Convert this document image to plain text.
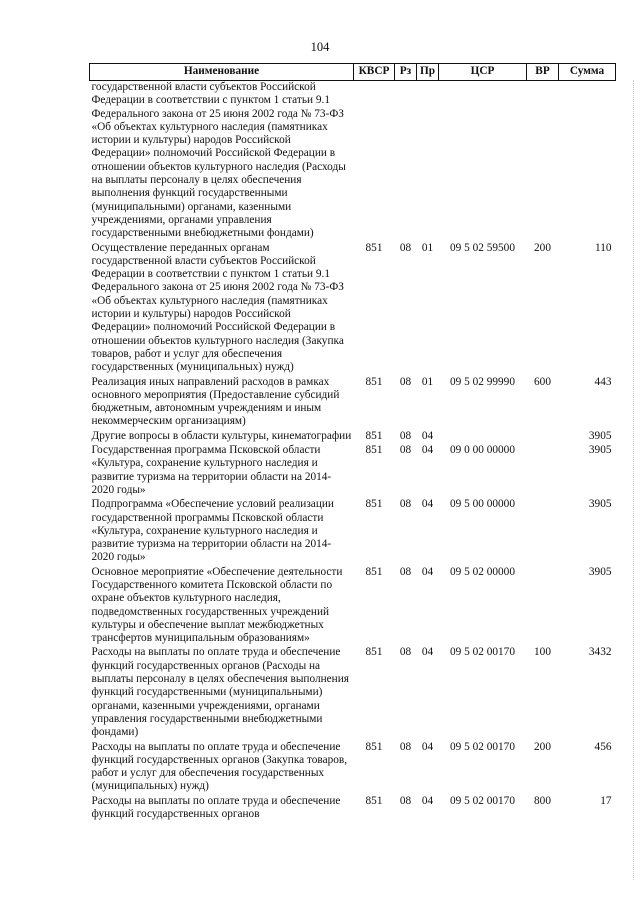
104
Наименование	КВСР	Рз	Пр	ЦСР	ВР	Сумма
государственной власти субъектов Российской Федерации в соответствии с пунктом 1 статьи 9.1 Федерального закона от 25 июня 2002 года № 73-ФЗ «Об объектах культурного наследия (памятниках истории и культуры) народов Российской Федерации» полномочий Российской Федерации в отношении объектов культурного наследия (Расходы на выплаты персоналу в целях обеспечения выполнения функций государственными (муниципальными) органами, казенными учреждениями, органами управления государственными внебюджетными фондами)						
Осуществление переданных органам государственной власти субъектов Российской Федерации в соответствии с пунктом 1 статьи 9.1 Федерального закона от 25 июня 2002 года № 73-ФЗ «Об объектах культурного наследия (памятниках истории и культуры) народов Российской Федерации» полномочий Российской Федерации в отношении объектов культурного наследия (Закупка товаров, работ и услуг для обеспечения государственных (муниципальных) нужд)	851	08	01	09 5 02 59500	200	110
Реализация иных направлений расходов в рамках основного мероприятия (Предоставление субсидий бюджетным, автономным учреждениям и иным некоммерческим организациям)	851	08	01	09 5 02 99990	600	443
Другие вопросы в области культуры, кинематографии	851	08	04			3905
Государственная программа Псковской области «Культура, сохранение культурного наследия и развитие туризма на территории области на 2014-2020 годы»	851	08	04	09 0 00 00000		3905
Подпрограмма «Обеспечение условий реализации государственной программы Псковской области «Культура, сохранение культурного наследия и развитие туризма на территории области на 2014-2020 годы»	851	08	04	09 5 00 00000		3905
Основное мероприятие «Обеспечение деятельности Государственного комитета Псковской области по охране объектов культурного наследия, подведомственных государственных учреждений культуры и обеспечение выплат межбюджетных трансфертов муниципальным образованиям»	851	08	04	09 5 02 00000		3905
Расходы на выплаты по оплате труда и обеспечение функций государственных органов (Расходы на выплаты персоналу в целях обеспечения выполнения функций государственными (муниципальными) органами, казенными учреждениями, органами управления государственными внебюджетными фондами)	851	08	04	09 5 02 00170	100	3432
Расходы на выплаты по оплате труда и обеспечение функций государственных органов (Закупка товаров, работ и услуг для обеспечения государственных (муниципальных) нужд)	851	08	04	09 5 02 00170	200	456
Расходы на выплаты по оплате труда и обеспечение функций государственных органов	851	08	04	09 5 02 00170	800	17
